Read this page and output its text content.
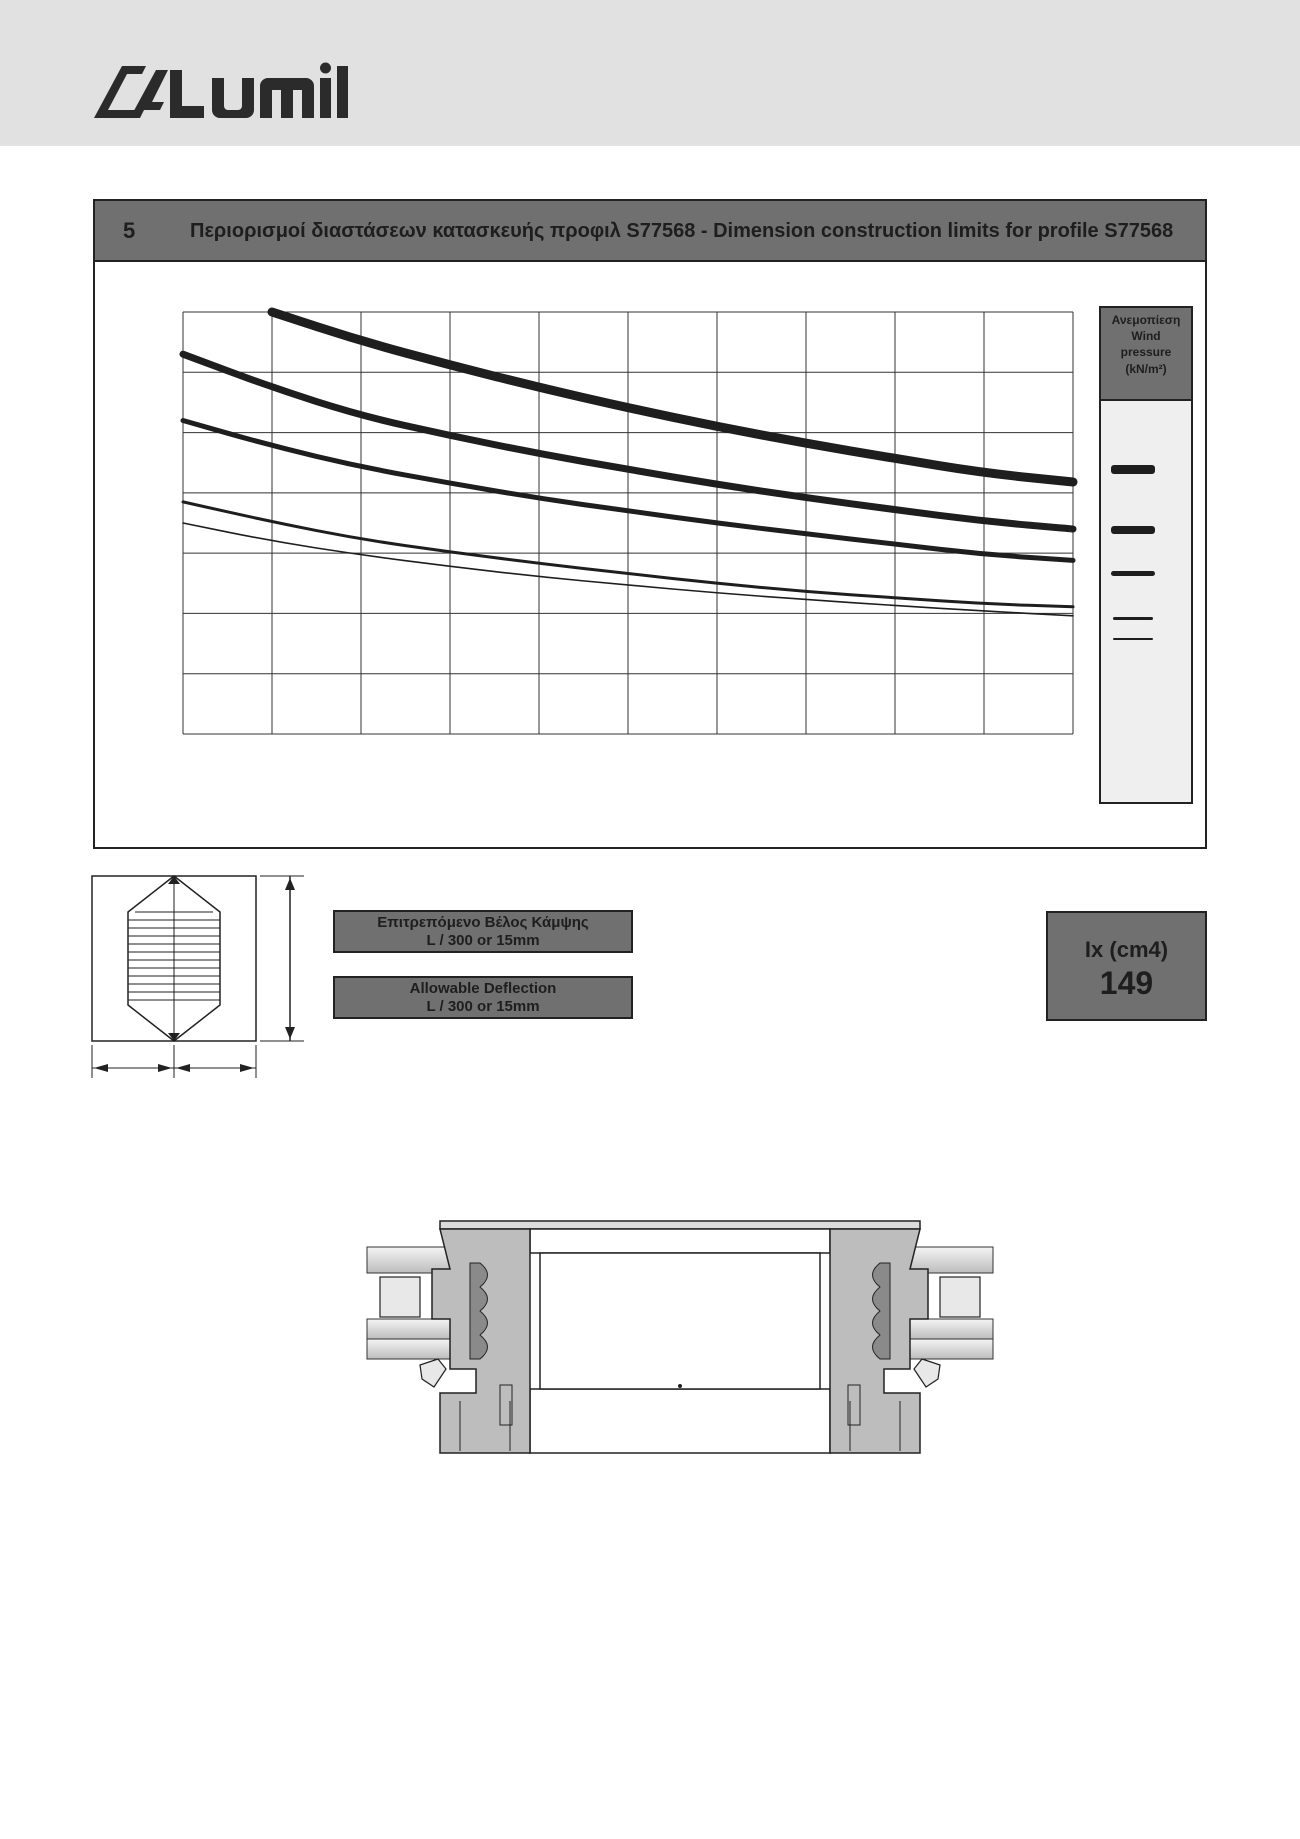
5	Περιορισμοί διαστάσεων κατασκευής προφιλ S77568 - Dimension construction limits for profile S77568
Ανεμοπίεση
Wind pressure
(kN/m²)
Επιτρεπόμενο Βέλος Κάμψης
L / 300 or 15mm
Allowable Deflection
L / 300 or 15mm
Ix (cm4)
149
